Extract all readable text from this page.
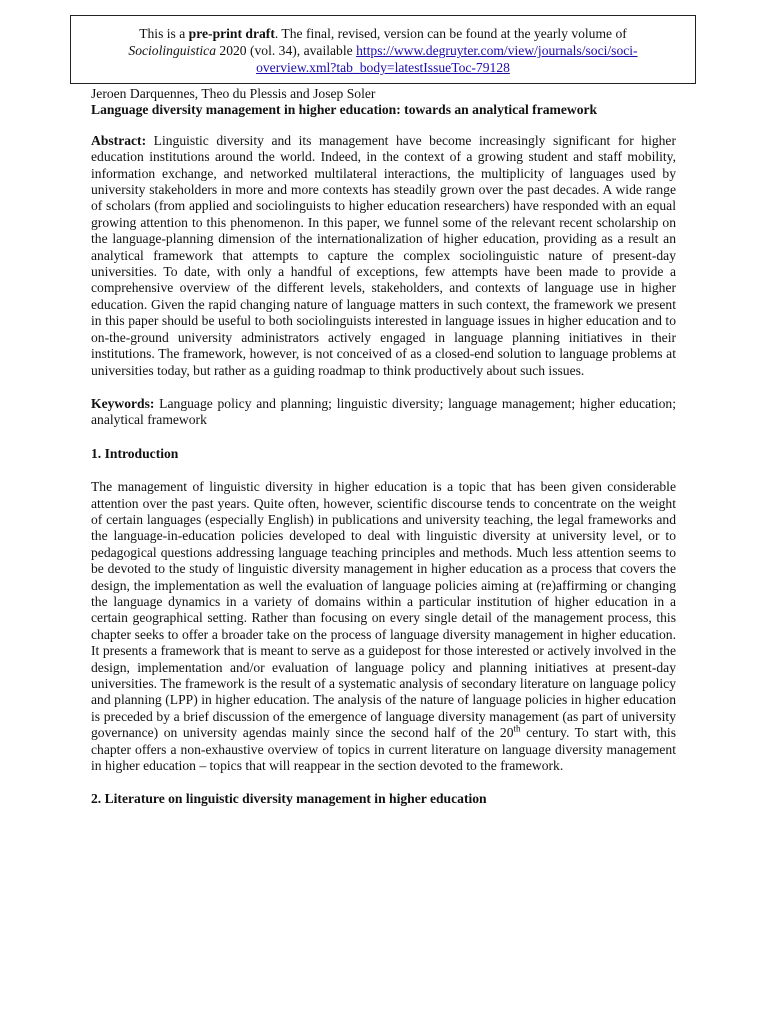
This is a pre-print draft. The final, revised, version can be found at the yearly volume of
Sociolinguistica 2020 (vol. 34), available https://www.degruyter.com/view/journals/soci/soci-
overview.xml?tab_body=latestIssueToc-79128

Jeroen Darquennes, Theo du Plessis and Josep Soler

Language diversity management in higher education: towards an analytical framework

Abstract: Linguistic diversity and its management have become increasingly significant for higher education institutions around the world. Indeed, in the context of a growing student and staff mobility, information exchange, and networked multilateral interactions, the multiplicity of languages used by university stakeholders in more and more contexts has steadily grown over the past decades. A wide range of scholars (from applied and sociolinguists to higher education researchers) have responded with an equal growing attention to this phenomenon. In this paper, we funnel some of the relevant recent scholarship on the language-planning dimension of the internationalization of higher education, providing as a result an analytical framework that attempts to capture the complex sociolinguistic nature of present-day universities. To date, with only a handful of exceptions, few attempts have been made to provide a comprehensive overview of the different levels, stakeholders, and contexts of language use in higher education. Given the rapid changing nature of language matters in such context, the framework we present in this paper should be useful to both sociolinguists interested in language issues in higher education and to on-the-ground university administrators actively engaged in language planning initiatives in their institutions. The framework, however, is not conceived of as a closed-end solution to language problems at universities today, but rather as a guiding roadmap to think productively about such issues.

Keywords: Language policy and planning; linguistic diversity; language management; higher education; analytical framework

1. Introduction

The management of linguistic diversity in higher education is a topic that has been given considerable attention over the past years. Quite often, however, scientific discourse tends to concentrate on the weight of certain languages (especially English) in publications and university teaching, the legal frameworks and the language-in-education policies developed to deal with linguistic diversity at university level, or to pedagogical questions addressing language teaching principles and methods. Much less attention seems to be devoted to the study of linguistic diversity management in higher education as a process that covers the design, the implementation as well the evaluation of language policies aiming at (re)affirming or changing the language dynamics in a variety of domains within a particular institution of higher education in a certain geographical setting. Rather than focusing on every single detail of the management process, this chapter seeks to offer a broader take on the process of language diversity management in higher education. It presents a framework that is meant to serve as a guidepost for those interested or actively involved in the design, implementation and/or evaluation of language policy and planning initiatives at present-day universities. The framework is the result of a systematic analysis of secondary literature on language policy and planning (LPP) in higher education. The analysis of the nature of language policies in higher education is preceded by a brief discussion of the emergence of language diversity management (as part of university governance) on university agendas mainly since the second half of the 20th century. To start with, this chapter offers a non-exhaustive overview of topics in current literature on language diversity management in higher education – topics that will reappear in the section devoted to the framework.

2. Literature on linguistic diversity management in higher education
